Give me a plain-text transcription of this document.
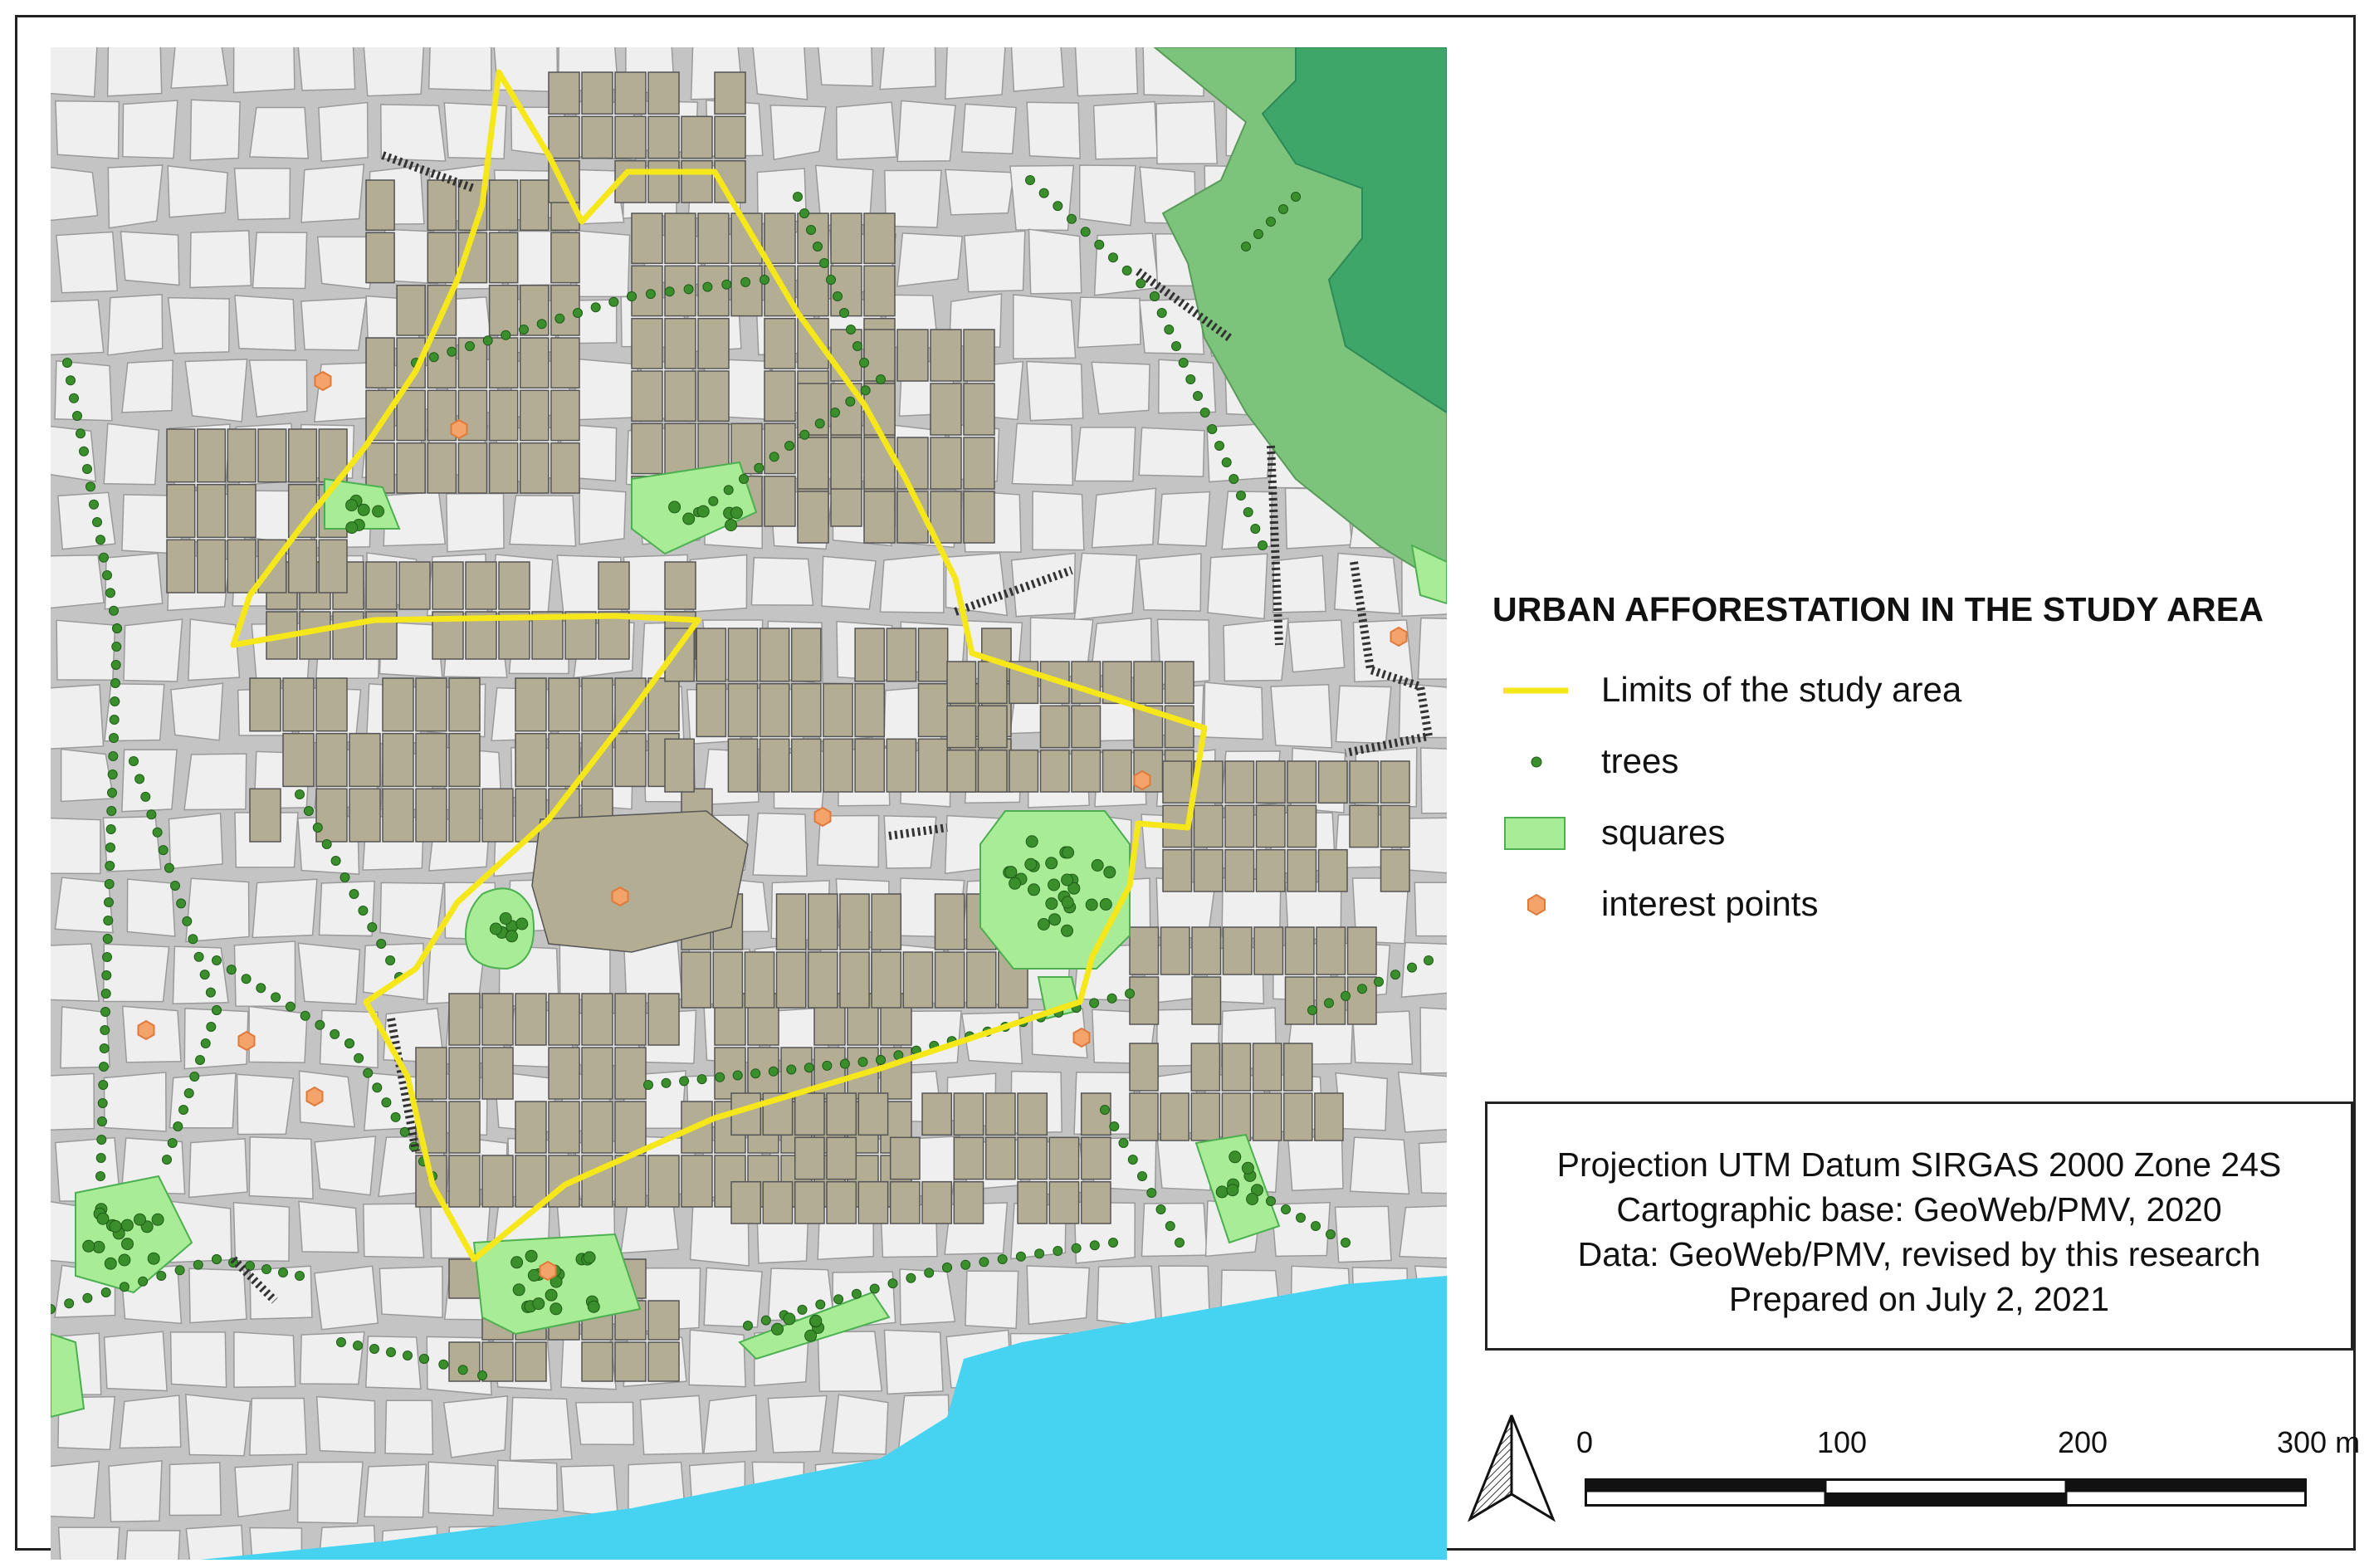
URBAN AFFORESTATION IN THE STUDY AREA
Limits of the study area
trees
squares
interest points
Projection UTM Datum SIRGAS 2000 Zone 24S
Cartographic base: GeoWeb/PMV, 2020
Data: GeoWeb/PMV, revised by this research
Prepared on July 2, 2021
0	100	200	300 m
